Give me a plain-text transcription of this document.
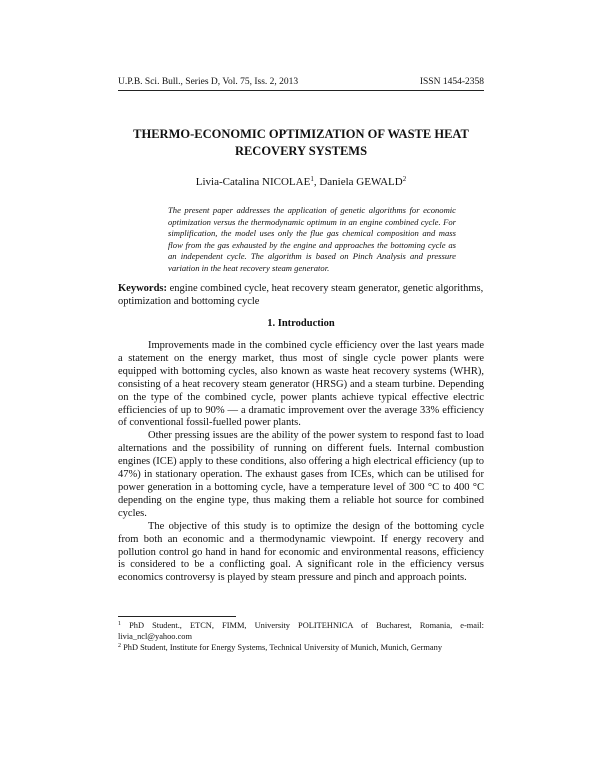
U.P.B. Sci. Bull., Series D, Vol. 75, Iss. 2, 2013	ISSN 1454-2358
THERMO-ECONOMIC OPTIMIZATION OF WASTE HEAT RECOVERY SYSTEMS
Livia-Catalina NICOLAE$^1$, Daniela GEWALD$^2$

The present paper addresses the application of genetic algorithms for economic optimization versus the thermodynamic optimum in an engine combined cycle. For simplification, the model uses only the flue gas chemical composition and mass flow from the gas exhausted by the engine and approaches the bottoming cycle as an independent cycle. The algorithm is based on Pinch Analysis and pressure variation in the heat recovery steam generator.

Keywords: engine combined cycle, heat recovery steam generator, genetic algorithms, optimization and bottoming cycle
1. Introduction

Improvements made in the combined cycle efficiency over the last years made a statement on the energy market, thus most of single cycle power plants were equipped with bottoming cycles, also known as waste heat recovery systems (WHR), consisting of a heat recovery steam generator (HRSG) and a steam turbine. Depending on the type of the combined cycle, power plants achieve typical effective electric efficiencies of up to 90% — a dramatic improvement over the average 33% efficiency of conventional fossil-fuelled power plants.

Other pressing issues are the ability of the power system to respond fast to load alternations and the possibility of running on different fuels. Internal combustion engines (ICE) apply to these conditions, also offering a high electrical efficiency (up to 47%) in stationary operation. The exhaust gases from ICEs, which can be utilised for power generation in a bottoming cycle, have a temperature level of 300 °C to 400 °C depending on the engine type, thus making them a reliable hot source for combined cycles.

The objective of this study is to optimize the design of the bottoming cycle from both an economic and a thermodynamic viewpoint. If energy recovery and pollution control go hand in hand for economic and environmental reasons, efficiency is considered to be a conflicting goal. A significant role in the efficiency versus economics controversy is played by steam pressure and pinch and approach points.

$^1$ PhD Student., ETCN, FIMM, University POLITEHNICA of Bucharest, Romania, e-mail: livia_ncl@yahoo.com

$^2$ PhD Student, Institute for Energy Systems, Technical University of Munich, Munich, Germany
